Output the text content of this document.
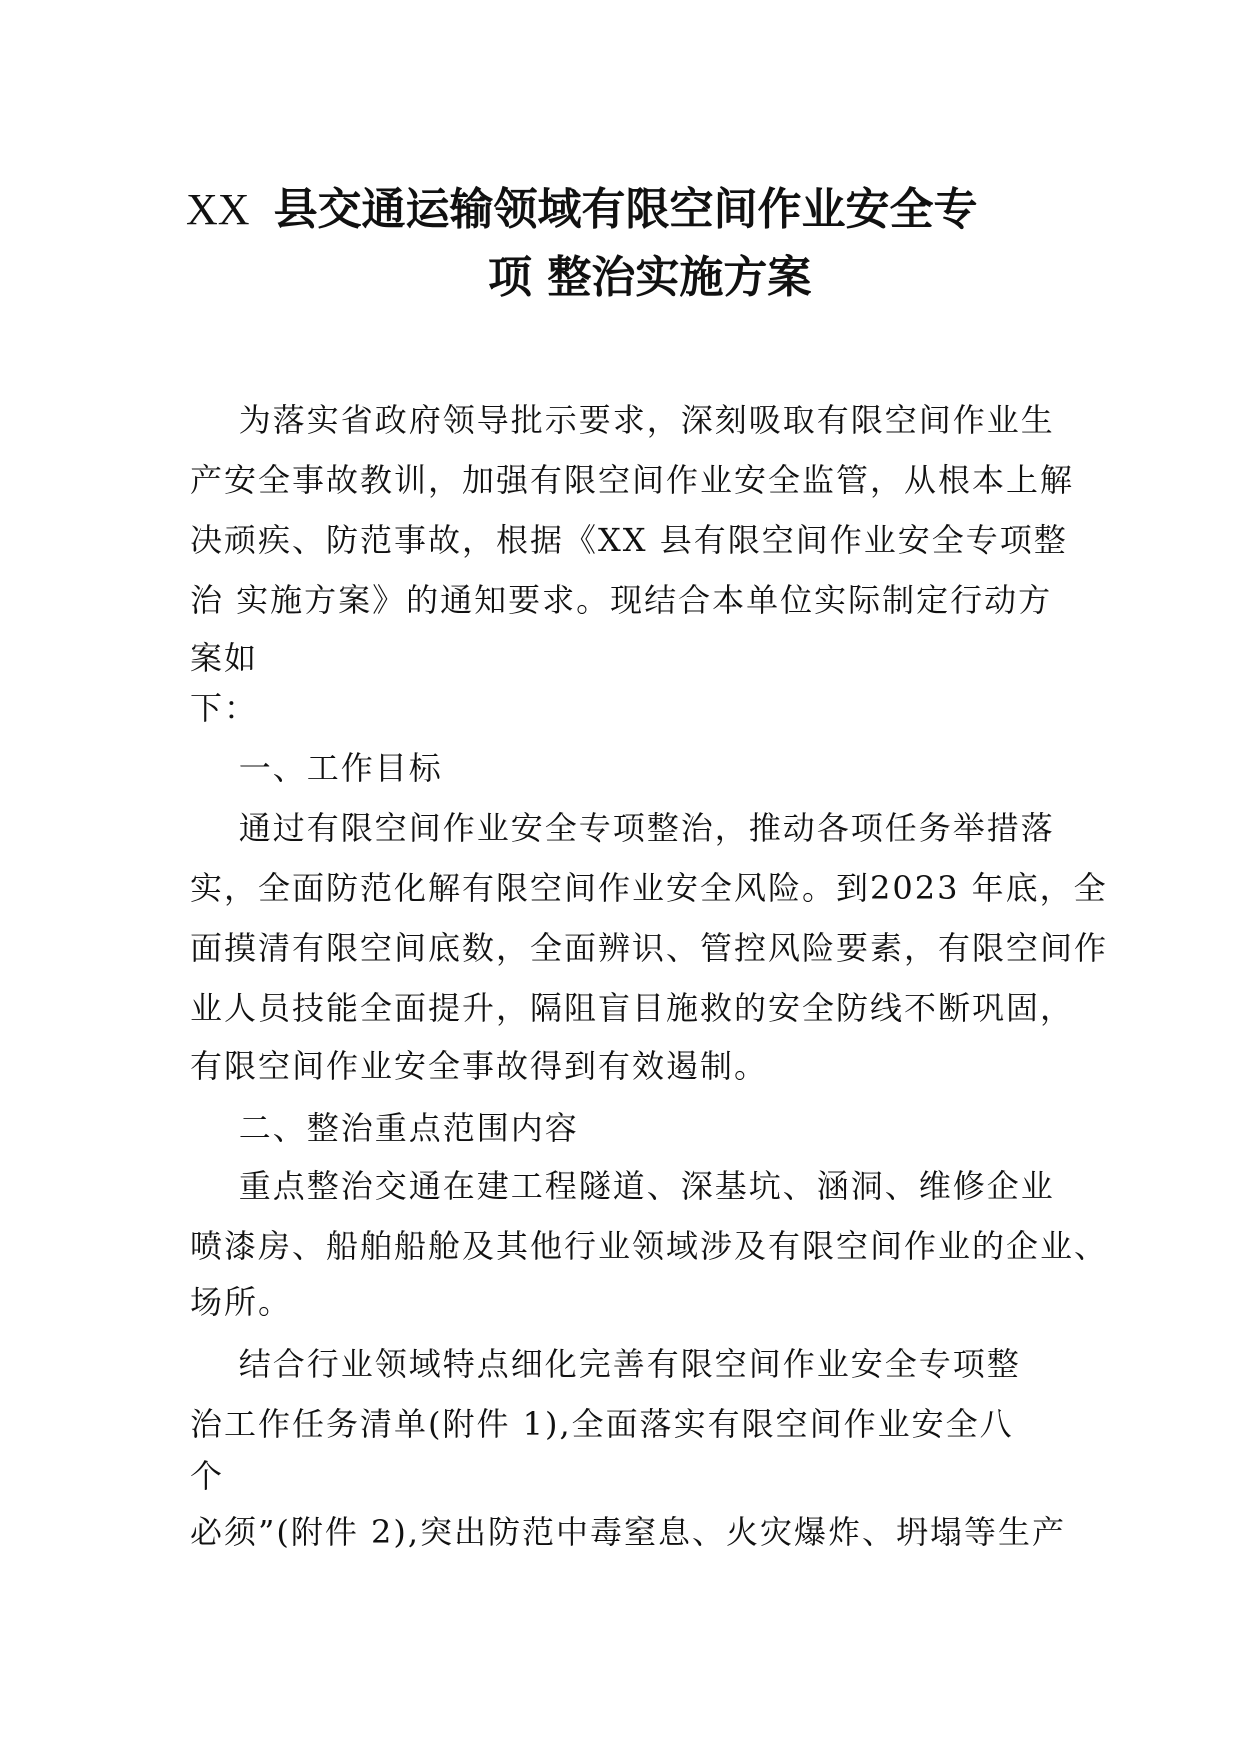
XX 县交通运输领域有限空间作业安全专
项 整治实施方案
为落实省政府领导批示要求，深刻吸取有限空间作业生
产安全事故教训，加强有限空间作业安全监管，从根本上解
决顽疾、防范事故，根据《XX 县有限空间作业安全专项整
治 实施方案》的通知要求。现结合本单位实际制定行动方
案如
下：
一、工作目标
通过有限空间作业安全专项整治，推动各项任务举措落
实，全面防范化解有限空间作业安全风险。到2023 年底，全
面摸清有限空间底数，全面辨识、管控风险要素，有限空间作
业人员技能全面提升，隔阻盲目施救的安全防线不断巩固，
有限空间作业安全事故得到有效遏制。
二、整治重点范围内容
重点整治交通在建工程隧道、深基坑、涵洞、维修企业
喷漆房、船舶船舱及其他行业领域涉及有限空间作业的企业、
场所。
结合行业领域特点细化完善有限空间作业安全专项整
治工作任务清单(附件 1),全面落实有限空间作业安全八
个
必须”(附件 2),突出防范中毒窒息、火灾爆炸、坍塌等生产
